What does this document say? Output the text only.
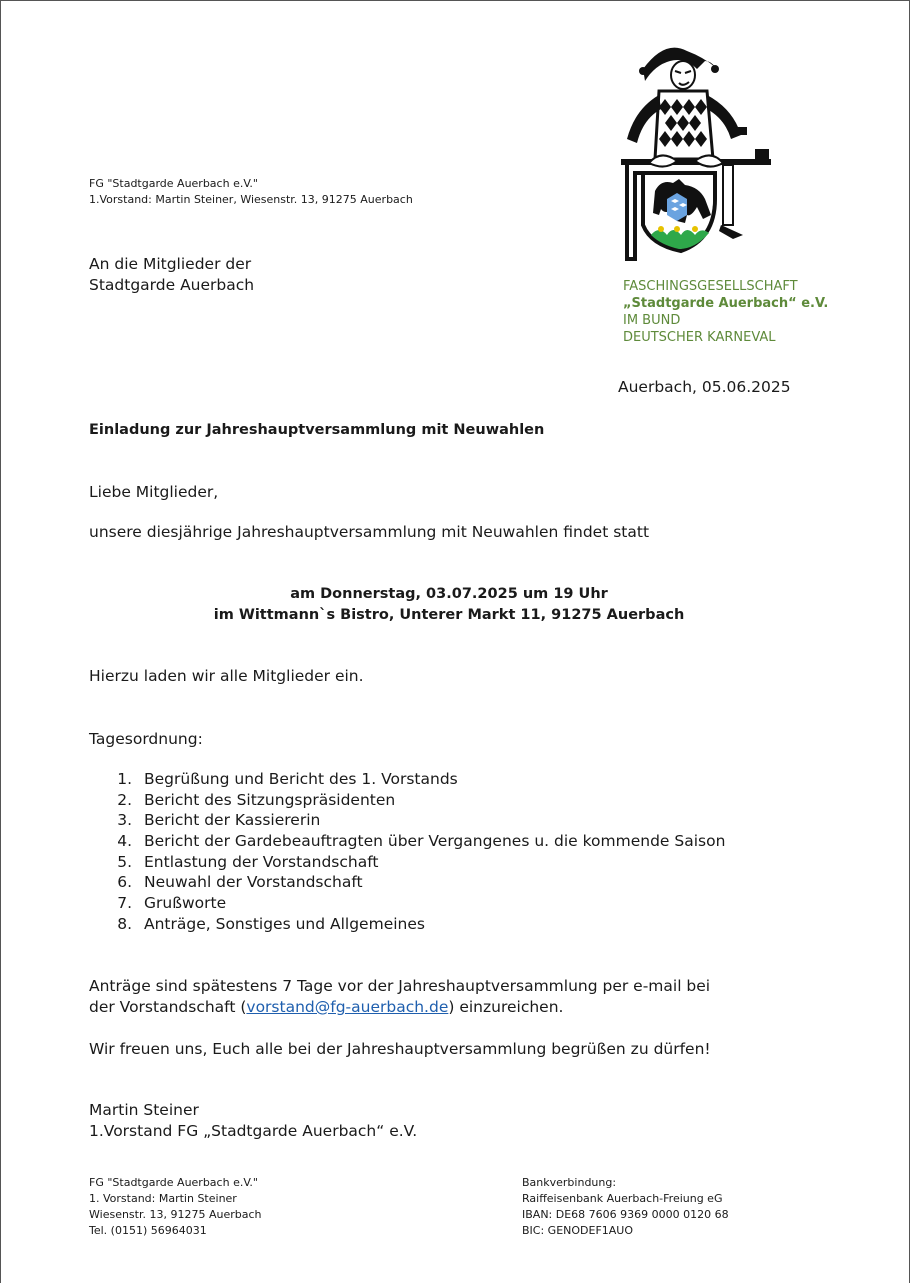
FG "Stadtgarde Auerbach e.V."
1.Vorstand: Martin Steiner, Wiesenstr. 13, 91275 Auerbach
An die Mitglieder der
Stadtgarde Auerbach	FASCHINGSGESELLSCHAFT
„Stadtgarde Auerbach“ e.V.
IM BUND
DEUTSCHER KARNEVAL
Auerbach, 05.06.2025
Einladung zur Jahreshauptversammlung mit Neuwahlen
Liebe Mitglieder,
unsere diesjährige Jahreshauptversammlung mit Neuwahlen findet statt
am Donnerstag, 03.07.2025 um 19 Uhr
im Wittmann`s Bistro, Unterer Markt 11, 91275 Auerbach
Hierzu laden wir alle Mitglieder ein.
Tagesordnung:
1. Begrüßung und Bericht des 1. Vorstands
2. Bericht des Sitzungspräsidenten
3. Bericht der Kassiererin
4. Bericht der Gardebeauftragten über Vergangenes u. die kommende Saison
5. Entlastung der Vorstandschaft
6. Neuwahl der Vorstandschaft
7. Grußworte
8. Anträge, Sonstiges und Allgemeines
Anträge sind spätestens 7 Tage vor der Jahreshauptversammlung per e-mail bei
der Vorstandschaft (vorstand@fg-auerbach.de) einzureichen.
Wir freuen uns, Euch alle bei der Jahreshauptversammlung begrüßen zu dürfen!
Martin Steiner
1.Vorstand FG „Stadtgarde Auerbach“ e.V.
FG "Stadtgarde Auerbach e.V."
1. Vorstand: Martin Steiner
Wiesenstr. 13, 91275 Auerbach
Tel. (0151) 56964031
Bankverbindung:
Raiffeisenbank Auerbach-Freiung eG
IBAN: DE68 7606 9369 0000 0120 68
BIC: GENODEF1AUO
